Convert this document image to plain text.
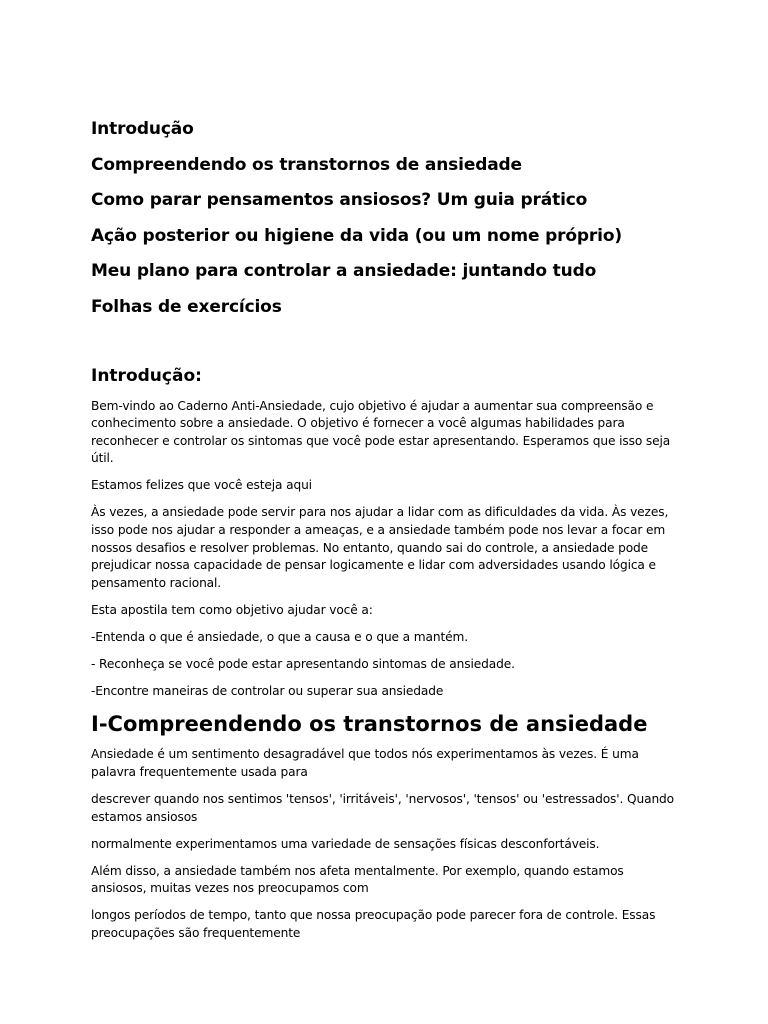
Introdução
Compreendendo os transtornos de ansiedade
Como parar pensamentos ansiosos? Um guia prático
Ação posterior ou higiene da vida (ou um nome próprio)
Meu plano para controlar a ansiedade: juntando tudo
Folhas de exercícios
Introdução:

Bem-vindo ao Caderno Anti-Ansiedade, cujo objetivo é ajudar a aumentar sua compreensão e conhecimento sobre a ansiedade. O objetivo é fornecer a você algumas habilidades para reconhecer e controlar os sintomas que você pode estar apresentando. Esperamos que isso seja útil.

Estamos felizes que você esteja aqui

Às vezes, a ansiedade pode servir para nos ajudar a lidar com as dificuldades da vida. Às vezes, isso pode nos ajudar a responder a ameaças, e a ansiedade também pode nos levar a focar em nossos desafios e resolver problemas. No entanto, quando sai do controle, a ansiedade pode prejudicar nossa capacidade de pensar logicamente e lidar com adversidades usando lógica e pensamento racional.

Esta apostila tem como objetivo ajudar você a:

-Entenda o que é ansiedade, o que a causa e o que a mantém.

- Reconheça se você pode estar apresentando sintomas de ansiedade.

-Encontre maneiras de controlar ou superar sua ansiedade

I-Compreendendo os transtornos de ansiedade

Ansiedade é um sentimento desagradável que todos nós experimentamos às vezes. É uma palavra frequentemente usada para

descrever quando nos sentimos 'tensos', 'irritáveis', 'nervosos', 'tensos' ou 'estressados'. Quando estamos ansiosos

normalmente experimentamos uma variedade de sensações físicas desconfortáveis.

Além disso, a ansiedade também nos afeta mentalmente. Por exemplo, quando estamos ansiosos, muitas vezes nos preocupamos com

longos períodos de tempo, tanto que nossa preocupação pode parecer fora de controle. Essas preocupações são frequentemente
